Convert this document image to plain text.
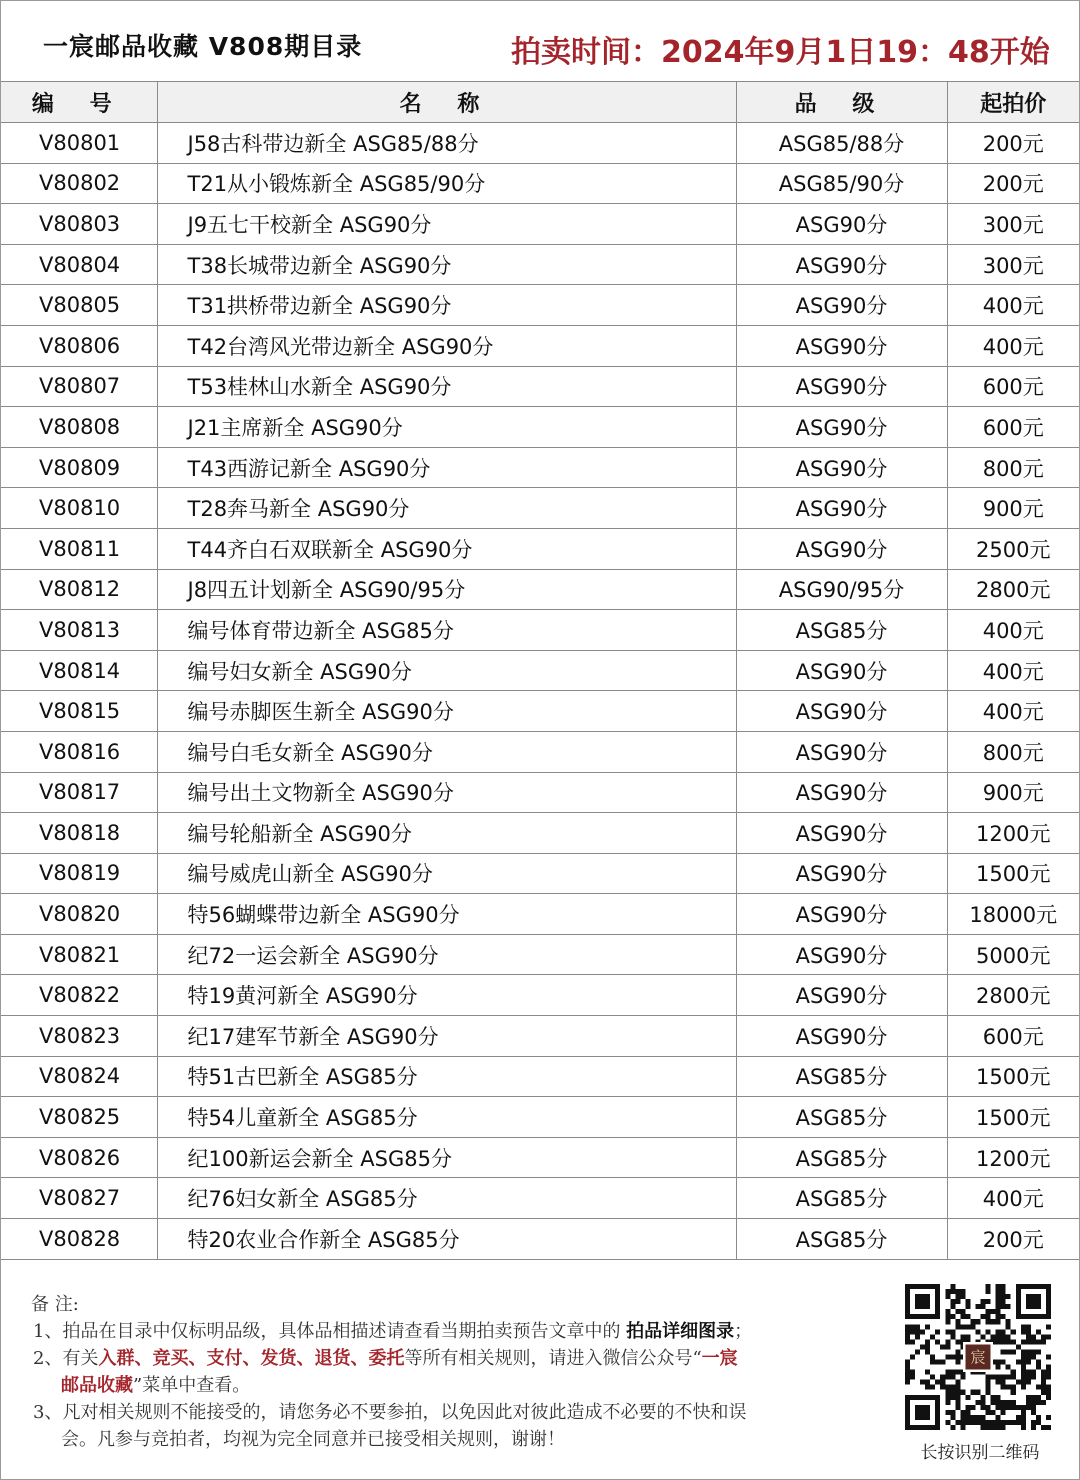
一宸邮品收藏 V808期目录	拍卖时间：2024年9月1日19：48开始
编 号	名 称	品 级	起拍价
V80801	J58古科带边新全 ASG85/88分	ASG85/88分	200元
V80802	T21从小锻炼新全 ASG85/90分	ASG85/90分	200元
V80803	J9五七干校新全 ASG90分	ASG90分	300元
V80804	T38长城带边新全 ASG90分	ASG90分	300元
V80805	T31拱桥带边新全 ASG90分	ASG90分	400元
V80806	T42台湾风光带边新全 ASG90分	ASG90分	400元
V80807	T53桂林山水新全 ASG90分	ASG90分	600元
V80808	J21主席新全 ASG90分	ASG90分	600元
V80809	T43西游记新全 ASG90分	ASG90分	800元
V80810	T28奔马新全 ASG90分	ASG90分	900元
V80811	T44齐白石双联新全 ASG90分	ASG90分	2500元
V80812	J8四五计划新全 ASG90/95分	ASG90/95分	2800元
V80813	编号体育带边新全 ASG85分	ASG85分	400元
V80814	编号妇女新全 ASG90分	ASG90分	400元
V80815	编号赤脚医生新全 ASG90分	ASG90分	400元
V80816	编号白毛女新全 ASG90分	ASG90分	800元
V80817	编号出土文物新全 ASG90分	ASG90分	900元
V80818	编号轮船新全 ASG90分	ASG90分	1200元
V80819	编号威虎山新全 ASG90分	ASG90分	1500元
V80820	特56蝴蝶带边新全 ASG90分	ASG90分	18000元
V80821	纪72一运会新全 ASG90分	ASG90分	5000元
V80822	特19黄河新全 ASG90分	ASG90分	2800元
V80823	纪17建军节新全 ASG90分	ASG90分	600元
V80824	特51古巴新全 ASG85分	ASG85分	1500元
V80825	特54儿童新全 ASG85分	ASG85分	1500元
V80826	纪100新运会新全 ASG85分	ASG85分	1200元
V80827	纪76妇女新全 ASG85分	ASG85分	400元
V80828	特20农业合作新全 ASG85分	ASG85分	200元

备 注:

1、拍品在目录中仅标明品级，具体品相描述请查看当期拍卖预告文章中的 拍品详细图录；

2、有关入群、竞买、支付、发货、退货、委托等所有相关规则，请进入微信公众号“一宸

邮品收藏”菜单中查看。

3、凡对相关规则不能接受的，请您务必不要参拍，以免因此对彼此造成不必要的不快和误

会。凡参与竞拍者，均视为完全同意并已接受相关规则，谢谢！

宸
长按识别二维码
